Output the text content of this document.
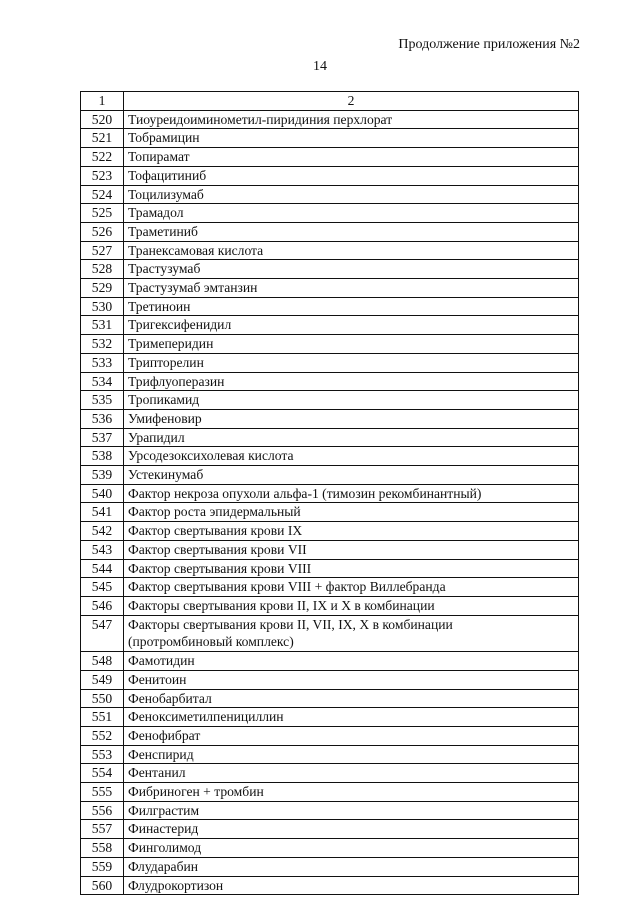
Продолжение приложения №2
14
1	2
520	Тиоуреидоиминометил-пиридиния перхлорат
521	Тобрамицин
522	Топирамат
523	Тофацитиниб
524	Тоцилизумаб
525	Трамадол
526	Траметиниб
527	Транексамовая кислота
528	Трастузумаб
529	Трастузумаб эмтанзин
530	Третиноин
531	Тригексифенидил
532	Тримеперидин
533	Трипторелин
534	Трифлуоперазин
535	Тропикамид
536	Умифеновир
537	Урапидил
538	Урсодезоксихолевая кислота
539	Устекинумаб
540	Фактор некроза опухоли альфа-1 (тимозин рекомбинантный)
541	Фактор роста эпидермальный
542	Фактор свертывания крови IX
543	Фактор свертывания крови VII
544	Фактор свертывания крови VIII
545	Фактор свертывания крови VIII + фактор Виллебранда
546	Факторы свертывания крови II, IX и X в комбинации
547	Факторы свертывания крови II, VII, IX, X в комбинации
(протромбиновый комплекс)
548	Фамотидин
549	Фенитоин
550	Фенобарбитал
551	Феноксиметилпенициллин
552	Фенофибрат
553	Фенспирид
554	Фентанил
555	Фибриноген + тромбин
556	Филграстим
557	Финастерид
558	Финголимод
559	Флударабин
560	Флудрокортизон
